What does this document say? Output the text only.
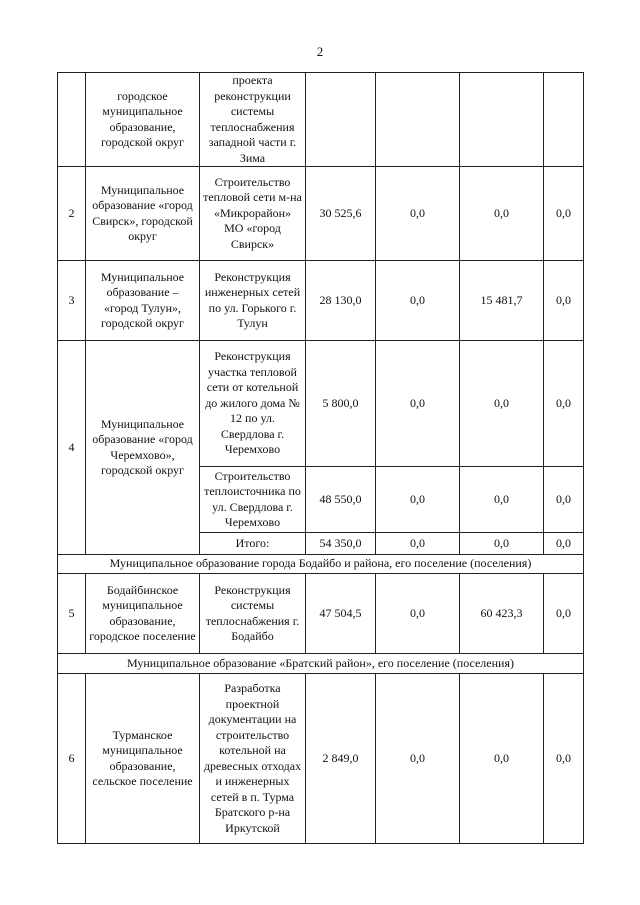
2
	городское муниципальное образование, городской округ	проекта реконструкции системы теплоснабжения западной части г. Зима				
2	Муниципальное образование «город Свирск», городской округ	Строительство тепловой сети м-на «Микрорайон» МО «город Свирск»	30 525,6	0,0	0,0	0,0
3	Муниципальное образование – «город Тулун», городской округ	Реконструкция инженерных сетей по ул. Горького г. Тулун	28 130,0	0,0	15 481,7	0,0
4	Муниципальное образование «город Черемхово», городской округ	Реконструкция участка тепловой сети от котельной до жилого дома № 12 по ул. Свердлова г. Черемхово	5 800,0	0,0	0,0	0,0
		Строительство теплоисточника по ул. Свердлова г. Черемхово	48 550,0	0,0	0,0	0,0
		Итого:	54 350,0	0,0	0,0	0,0
Муниципальное образование города Бодайбо и района, его поселение (поселения)						
5	Бодайбинское муниципальное образование, городское поселение	Реконструкция системы теплоснабжения г. Бодайбо	47 504,5	0,0	60 423,3	0,0
Муниципальное образование «Братский район», его поселение (поселения)						
6	Турманское муниципальное образование, сельское поселение	Разработка проектной документации на строительство котельной на древесных отходах и инженерных сетей в п. Турма Братского р-на Иркутской	2 849,0	0,0	0,0	0,0
